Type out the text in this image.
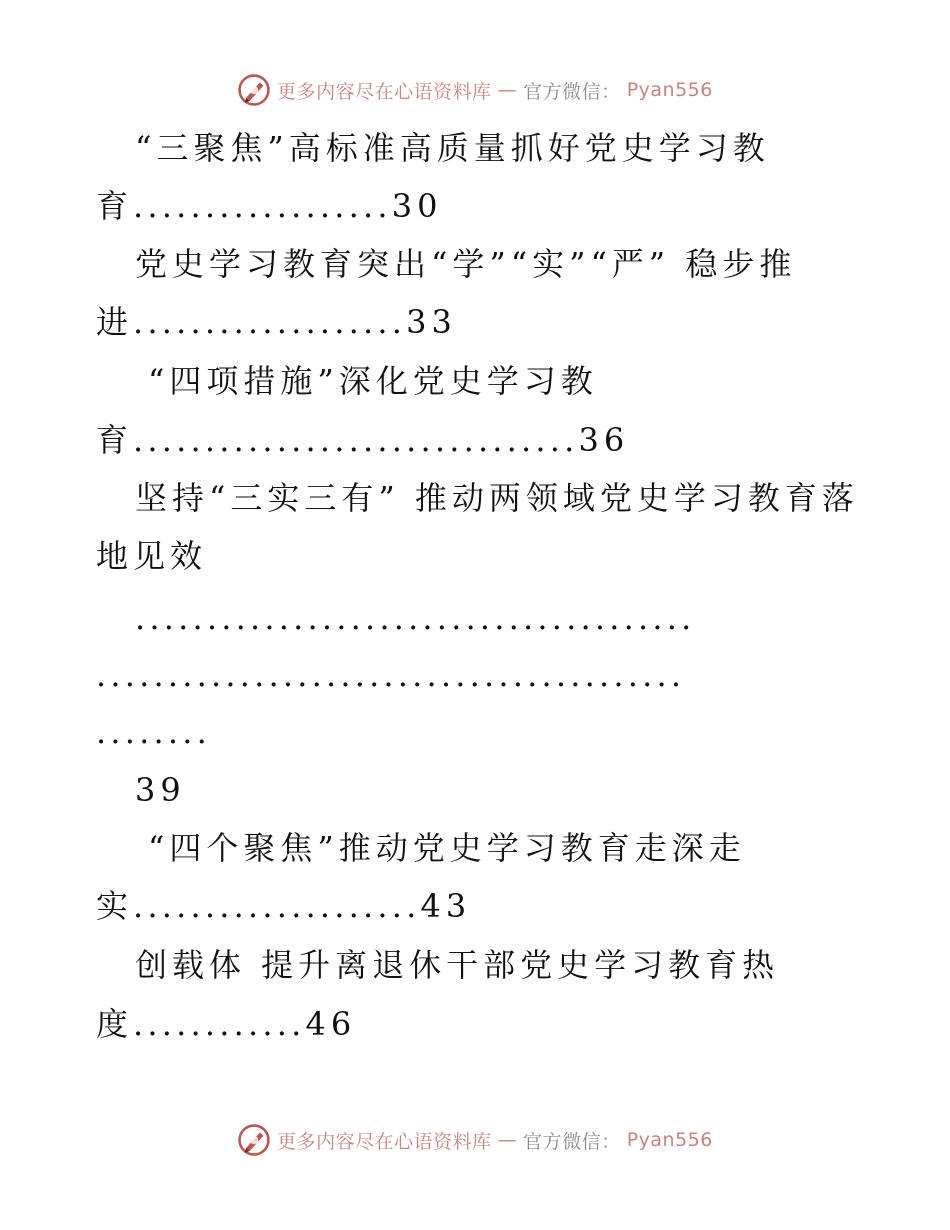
更多内容尽在心语资料库 — 官方微信： Pyan556
“三聚焦”高标准高质量抓好党史学习教
育..................30
党史学习教育突出“学”“实”“严” 稳步推
进...................33
“四项措施”深化党史学习教
育...............................36
坚持“三实三有” 推动两领域党史学习教育落
地见效
.......................................
.........................................
........
39
“四个聚焦”推动党史学习教育走深走
实....................43
创载体 提升离退休干部党史学习教育热
度............46
更多内容尽在心语资料库 — 官方微信： Pyan556
